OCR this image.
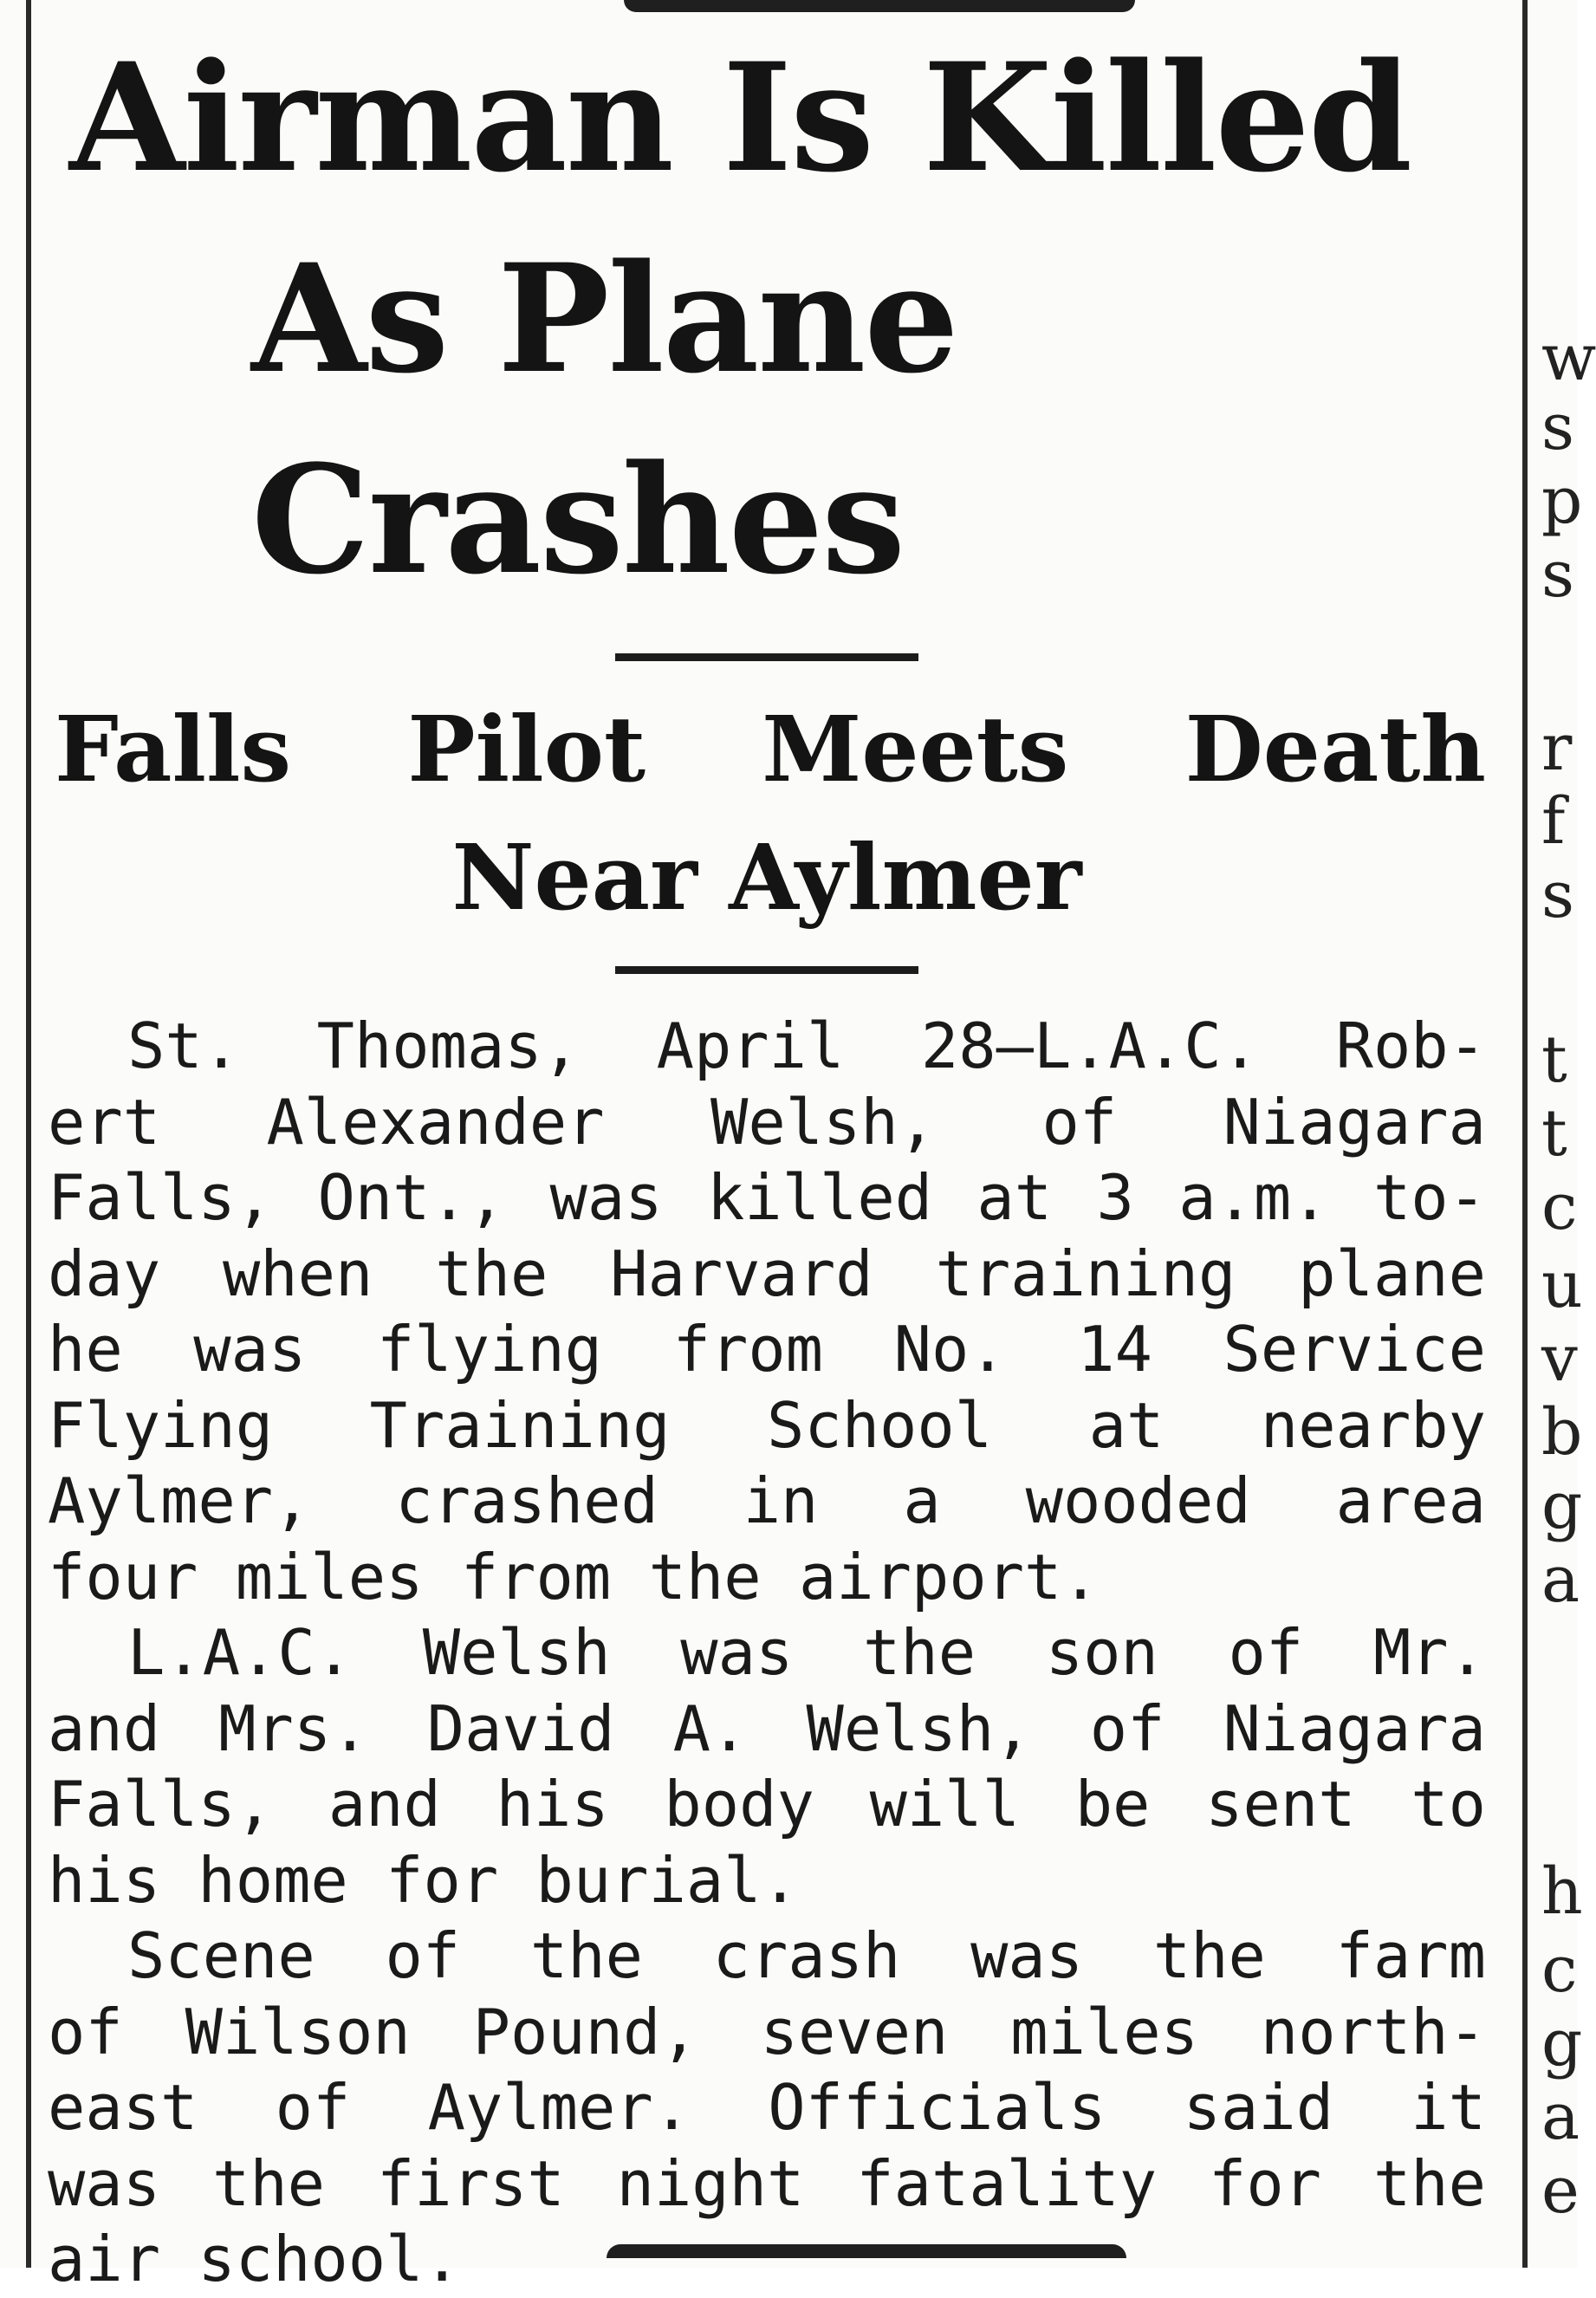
Airman Is Killed
As Plane Crashes
Falls Pilot Meets Death
Near Aylmer
St. Thomas, April 28—L.A.C. Rob-
ert Alexander Welsh, of Niagara
Falls, Ont., was killed at 3 a.m. to-
day when the Harvard training plane
he was flying from No. 14 Service
Flying Training School at nearby
Aylmer, crashed in a wooded area
four miles from the airport.
L.A.C. Welsh was the son of Mr.
and Mrs. David A. Welsh, of Niagara
Falls, and his body will be sent to
his home for burial.
Scene of the crash was the farm
of Wilson Pound, seven miles north-
east of Aylmer. Officials said it
was the first night fatality for the
air school.
w
s
p
s
r
f
s
t
t
c
u
v
b
g
a
h
c
g
a
e
